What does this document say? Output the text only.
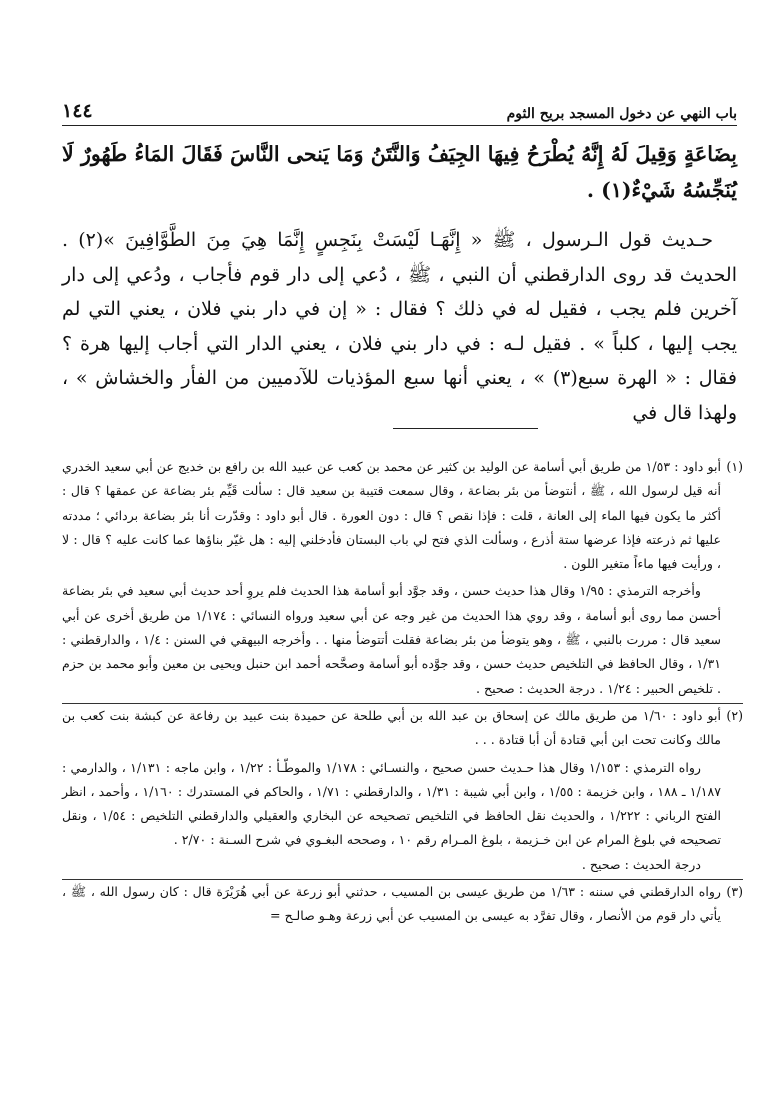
باب النهي عن دخول المسجد بريح الثوم
١٤٤

بِضَاعَةٍ وَقِيلَ لَهُ إِنَّهُ يُطْرَحُ فِيهَا الجِيَفُ وَالنَّتَنُ وَمَا يَنحى النَّاسَ فَقَالَ المَاءُ طَهُورٌ لَا يُنَجِّسُهُ شَيْءٌ(١) .

حـديث قول الـرسول ، ﷺ « إِنَّهَـا لَيْسَتْ بِنَجِسٍ إِنَّمَا هِيَ مِنَ الطَّوَّافِينَ »(٢) . الحديث قد روى الدارقطني أن النبي ، ﷺ ، دُعي إلى دار قوم فأجاب ، ودُعي إلى دار آخرين فلم يجب ، فقيل له في ذلك ؟ فقال : « إن في دار بني فلان ، يعني التي لم يجب إليها ، كلباً » . فقيل لـه : في دار بني فلان ، يعني الدار التي أجاب إليها هرة ؟ فقال : « الهرة سبع(٣) » ، يعني أنها سبع المؤذيات للآدميين من الفأر والخشاش » ، ولهذا قال في

(١)

أبو داود : ١/٥٣ من طريق أبي أسامة عن الوليد بن كثير عن محمد بن كعب عن عبيد الله بن رافع بن خديج عن أبي سعيد الخدري أنه قيل لرسول الله ، ﷺ ، أنتوضأ من بئر بضاعة ، وقال سمعت قتيبة بن سعيد قال : سألت قَيِّم بئر بضاعة عن عمقها ؟ قال : أكثر ما يكون فيها الماء إلى العانة ، قلت : فإذا نقص ؟ قال : دون العورة . قال أبو داود : وقدّرت أنا بئر بضاعة بردائي ؛ مددته عليها ثم ذرعته فإذا عرضها ستة أذرع ، وسألت الذي فتح لي باب البستان فأدخلني إليه : هل غيّر بناؤها عما كانت عليه ؟ قال : لا ، ورأيت فيها ماءاً متغير اللون .

وأخرجه الترمذي : ١/٩٥ وقال هذا حديث حسن ، وقد جوَّد أبو أسامة هذا الحديث فلم يروِ أحد حديث أبي سعيد في بئر بضاعة أحسن مما روى أبو أسامة ، وقد روي هذا الحديث من غير وجه عن أبي سعيد ورواه النسائي : ١/١٧٤ من طريق أخرى عن أبي سعيد قال : مررت بالنبي ، ﷺ ، وهو يتوضأ من بئر بضاعة فقلت أتتوضأ منها . . وأخرجه البيهقي في السنن : ١/٤ ، والدارقطني : ١/٣١ ، وقال الحافظ في التلخيص حديث حسن ، وقد جوَّده أبو أسامة وصحَّحه أحمد ابن حنبل ويحيى بن معين وأبو محمد بن حزم . تلخيص الحبير : ١/٢٤ . درجة الحديث : صحيح .

(٢)

أبو داود : ١/٦٠ من طريق مالك عن إسحاق بن عبد الله بن أبي طلحة عن حميدة بنت عبيد بن رفاعة عن كبشة بنت كعب بن مالك وكانت تحت ابن أبي قتادة أن أبا قتادة . . .

رواه الترمذي : ١/١٥٣ وقال هذا حـديث حسن صحيح ، والنسـائي : ١/١٧٨ والموطّـأ : ١/٢٢ ، وابن ماجه : ١/١٣١ ، والدارمي : ١/١٨٧ ـ ١٨٨ ، وابن خزيمة : ١/٥٥ ، وابن أبي شيبة : ١/٣١ ، والدارقطني : ١/٧١ ، والحاكم في المستدرك : ١/١٦٠ ، وأحمد ، انظر الفتح الرباني : ١/٢٢٢ ، والحديث نقل الحافظ في التلخيص تصحيحه عن البخاري والعقيلي والدارقطني التلخيص : ١/٥٤ ، ونقل تصحيحه في بلوغ المرام عن ابن خـزيمة ، بلوغ المـرام رقم ١٠ ، وصححه البغـوي في شرح السـنة : ٢/٧٠ .

درجة الحديث : صحيح .

(٣)

رواه الدارقطني في سننه : ١/٦٣ من طريق عيسى بن المسيب ، حدثني أبو زرعة عن أبي هُرَيْرَة قال : كان رسول الله ، ﷺ ، يأتي دار قوم من الأنصار ، وقال تفرَّد به عيسى بن المسيب عن أبي زرعة وهـو صالـح =
